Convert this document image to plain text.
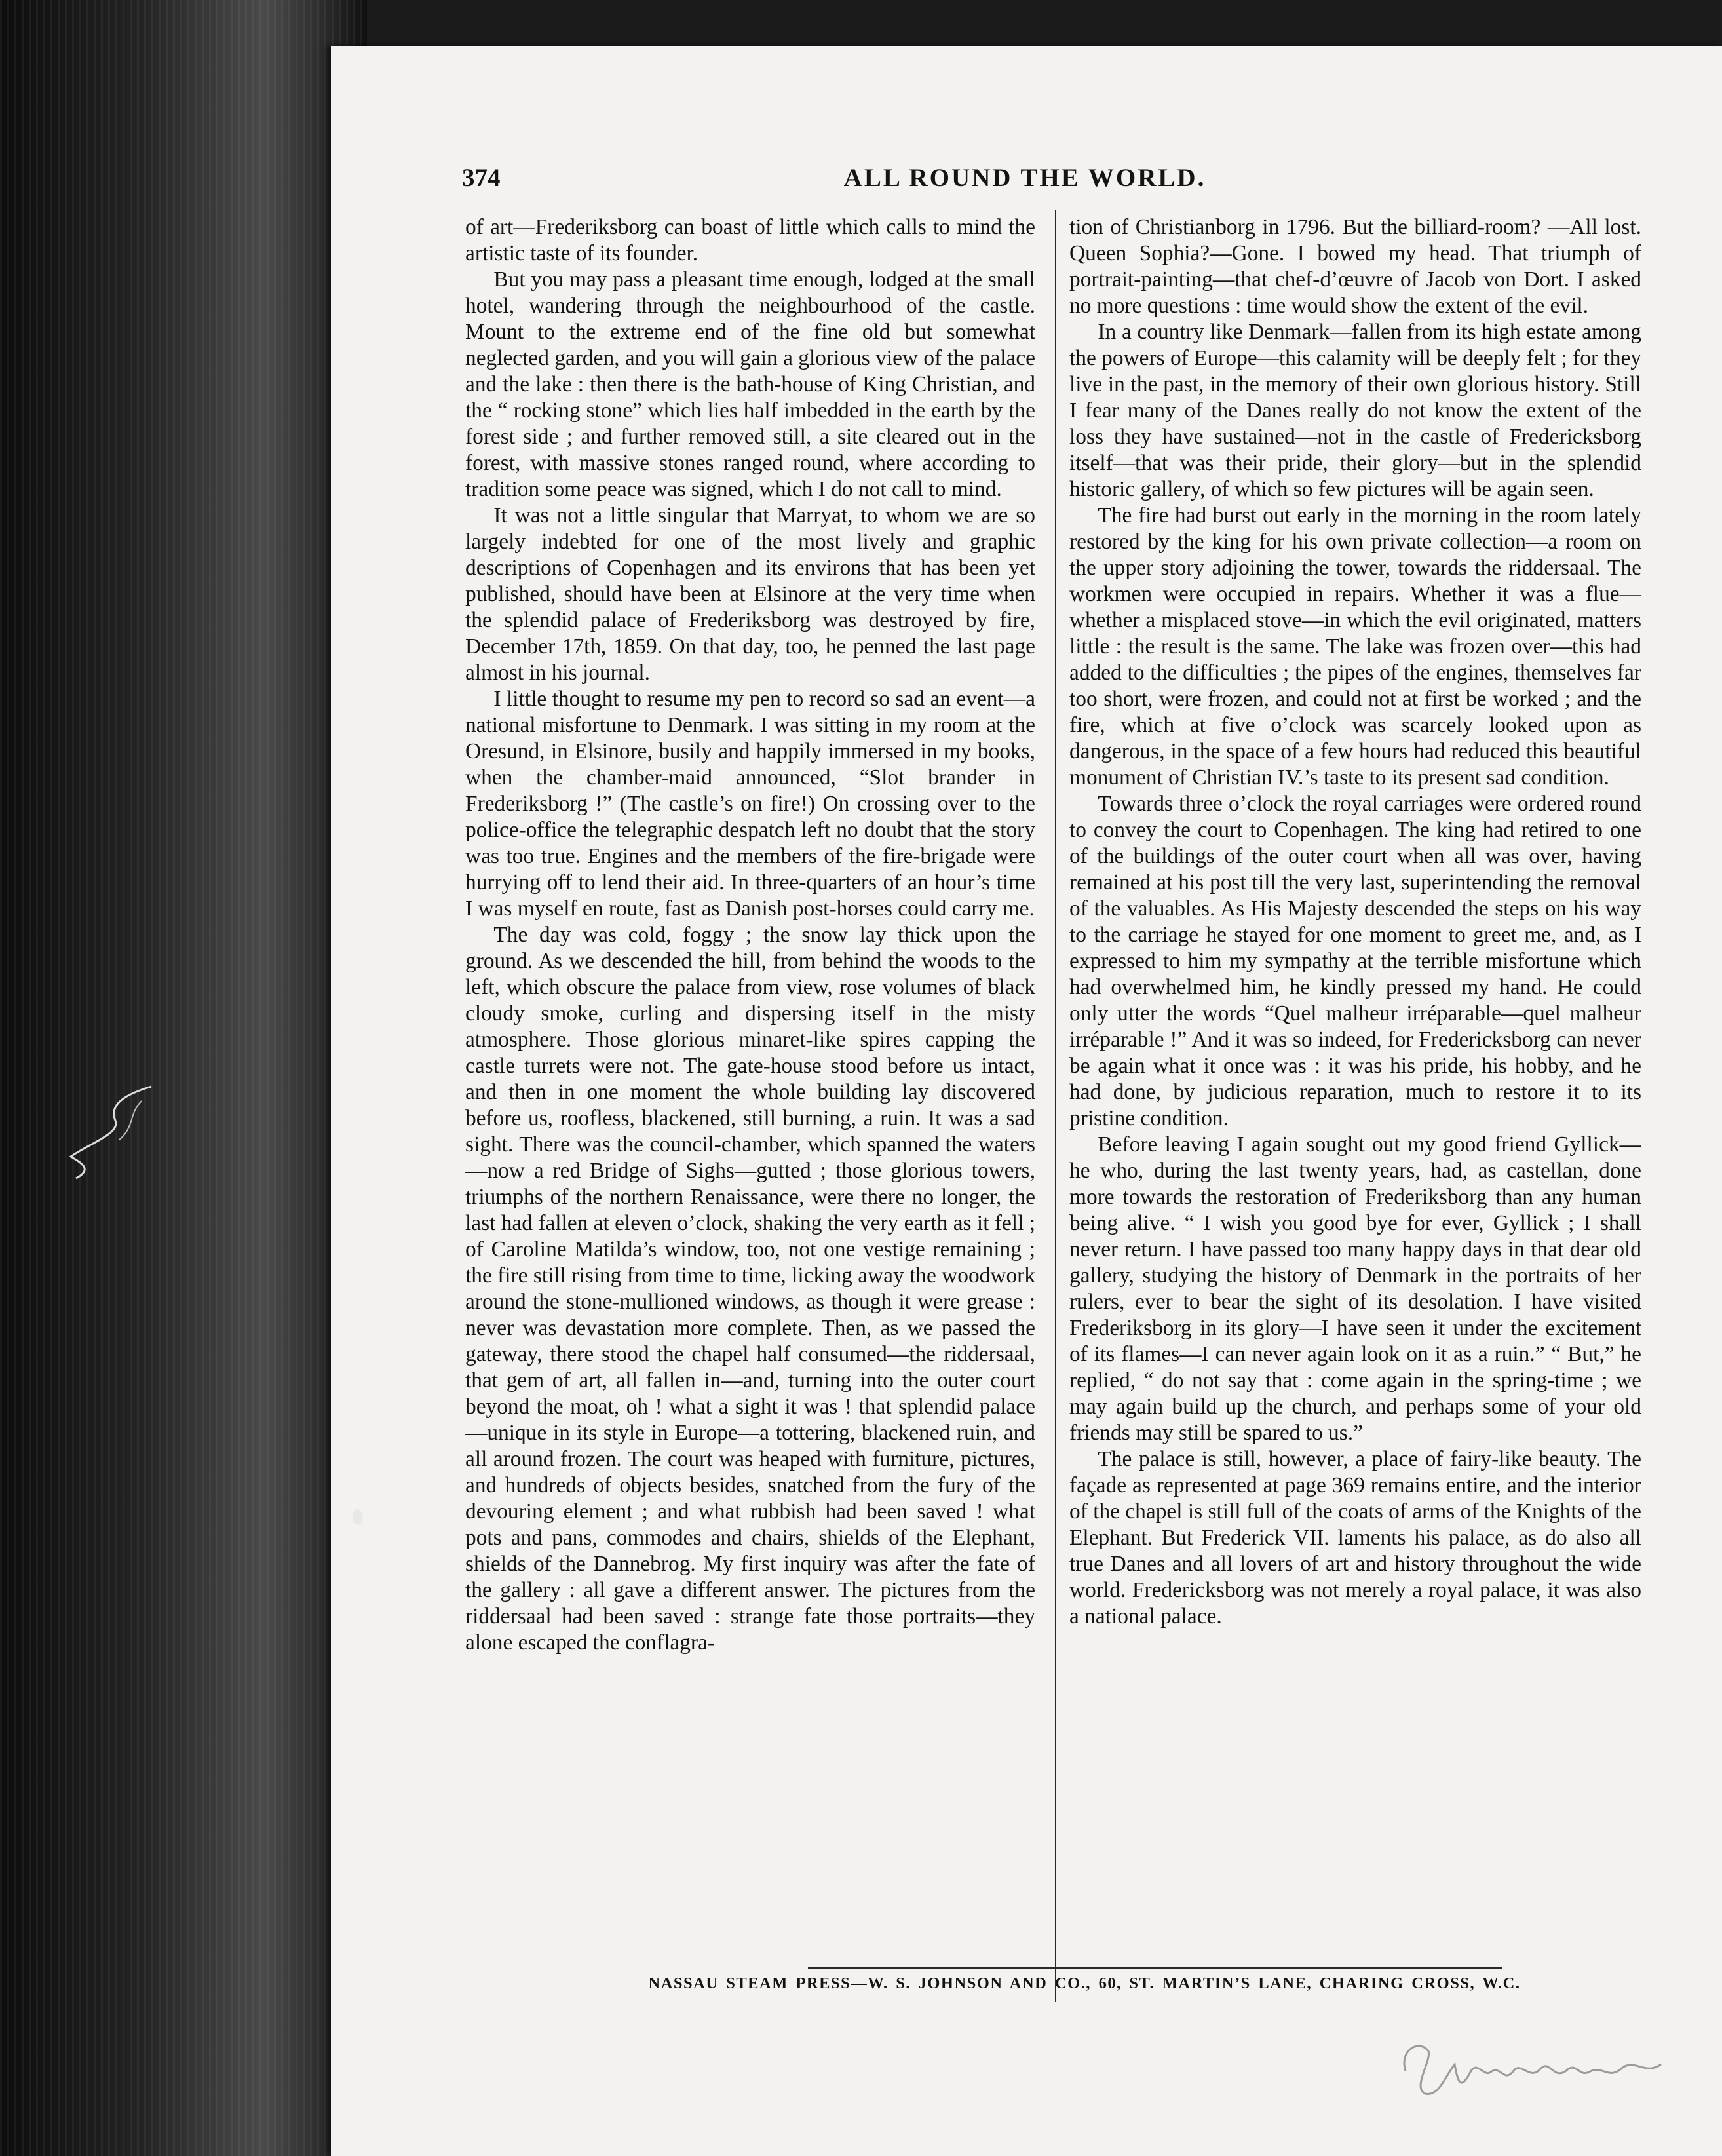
374	ALL ROUND THE WORLD.

of art—Frederiksborg can boast of little which calls to mind the artistic taste of its founder.

But you may pass a pleasant time enough, lodged at the small hotel, wandering through the neighbourhood of the castle. Mount to the extreme end of the fine old but somewhat neglected garden, and you will gain a glorious view of the palace and the lake : then there is the bath-house of King Christian, and the “ rocking stone” which lies half imbedded in the earth by the forest side ; and further removed still, a site cleared out in the forest, with massive stones ranged round, where according to tradition some peace was signed, which I do not call to mind.

It was not a little singular that Marryat, to whom we are so largely indebted for one of the most lively and graphic descriptions of Copenhagen and its environs that has been yet published, should have been at Elsinore at the very time when the splendid palace of Frederiksborg was destroyed by fire, December 17th, 1859. On that day, too, he penned the last page almost in his journal.

I little thought to resume my pen to record so sad an event—a national misfortune to Denmark. I was sitting in my room at the Oresund, in Elsinore, busily and happily immersed in my books, when the chamber-maid announced, “Slot brander in Frederiksborg !” (The castle’s on fire!) On crossing over to the police-office the telegraphic despatch left no doubt that the story was too true. Engines and the members of the fire-brigade were hurrying off to lend their aid. In three-quarters of an hour’s time I was myself en route, fast as Danish post-horses could carry me.

The day was cold, foggy ; the snow lay thick upon the ground. As we descended the hill, from behind the woods to the left, which obscure the palace from view, rose volumes of black cloudy smoke, curling and dispersing itself in the misty atmosphere. Those glorious minaret-like spires capping the castle turrets were not. The gate-house stood before us intact, and then in one moment the whole building lay discovered before us, roofless, blackened, still burning, a ruin. It was a sad sight. There was the council-chamber, which spanned the waters—now a red Bridge of Sighs—gutted ; those glorious towers, triumphs of the northern Renaissance, were there no longer, the last had fallen at eleven o’clock, shaking the very earth as it fell ; of Caroline Matilda’s window, too, not one vestige remaining ; the fire still rising from time to time, licking away the woodwork around the stone-mullioned windows, as though it were grease : never was devastation more complete. Then, as we passed the gateway, there stood the chapel half consumed—the riddersaal, that gem of art, all fallen in—and, turning into the outer court beyond the moat, oh ! what a sight it was ! that splendid palace—unique in its style in Europe—a tottering, blackened ruin, and all around frozen. The court was heaped with furniture, pictures, and hundreds of objects besides, snatched from the fury of the devouring element ; and what rubbish had been saved ! what pots and pans, commodes and chairs, shields of the Elephant, shields of the Dannebrog. My first inquiry was after the fate of the gallery : all gave a different answer. The pictures from the riddersaal had been saved : strange fate those portraits—they alone escaped the conflagra-

tion of Christianborg in 1796. But the billiard-room? —All lost. Queen Sophia?—Gone. I bowed my head. That triumph of portrait-painting—that chef-d’œuvre of Jacob von Dort. I asked no more questions : time would show the extent of the evil.

In a country like Denmark—fallen from its high estate among the powers of Europe—this calamity will be deeply felt ; for they live in the past, in the memory of their own glorious history. Still I fear many of the Danes really do not know the extent of the loss they have sustained—not in the castle of Fredericksborg itself—that was their pride, their glory—but in the splendid historic gallery, of which so few pictures will be again seen.

The fire had burst out early in the morning in the room lately restored by the king for his own private collection—a room on the upper story adjoining the tower, towards the riddersaal. The workmen were occupied in repairs. Whether it was a flue—whether a misplaced stove—in which the evil originated, matters little : the result is the same. The lake was frozen over—this had added to the difficulties ; the pipes of the engines, themselves far too short, were frozen, and could not at first be worked ; and the fire, which at five o’clock was scarcely looked upon as dangerous, in the space of a few hours had reduced this beautiful monument of Christian IV.’s taste to its present sad condition.

Towards three o’clock the royal carriages were ordered round to convey the court to Copenhagen. The king had retired to one of the buildings of the outer court when all was over, having remained at his post till the very last, superintending the removal of the valuables. As His Majesty descended the steps on his way to the carriage he stayed for one moment to greet me, and, as I expressed to him my sympathy at the terrible misfortune which had overwhelmed him, he kindly pressed my hand. He could only utter the words “Quel malheur irréparable—quel malheur irréparable !” And it was so indeed, for Fredericksborg can never be again what it once was : it was his pride, his hobby, and he had done, by judicious reparation, much to restore it to its pristine condition.

Before leaving I again sought out my good friend Gyllick—he who, during the last twenty years, had, as castellan, done more towards the restoration of Frederiksborg than any human being alive. “ I wish you good bye for ever, Gyllick ; I shall never return. I have passed too many happy days in that dear old gallery, studying the history of Denmark in the portraits of her rulers, ever to bear the sight of its desolation. I have visited Frederiksborg in its glory—I have seen it under the excitement of its flames—I can never again look on it as a ruin.” “ But,” he replied, “ do not say that : come again in the spring-time ; we may again build up the church, and perhaps some of your old friends may still be spared to us.”

The palace is still, however, a place of fairy-like beauty. The façade as represented at page 369 remains entire, and the interior of the chapel is still full of the coats of arms of the Knights of the Elephant. But Frederick VII. laments his palace, as do also all true Danes and all lovers of art and history throughout the wide world. Fredericksborg was not merely a royal palace, it was also a national palace.

NASSAU STEAM PRESS—W. S. JOHNSON AND CO., 60, ST. MARTIN’S LANE, CHARING CROSS, W.C.
